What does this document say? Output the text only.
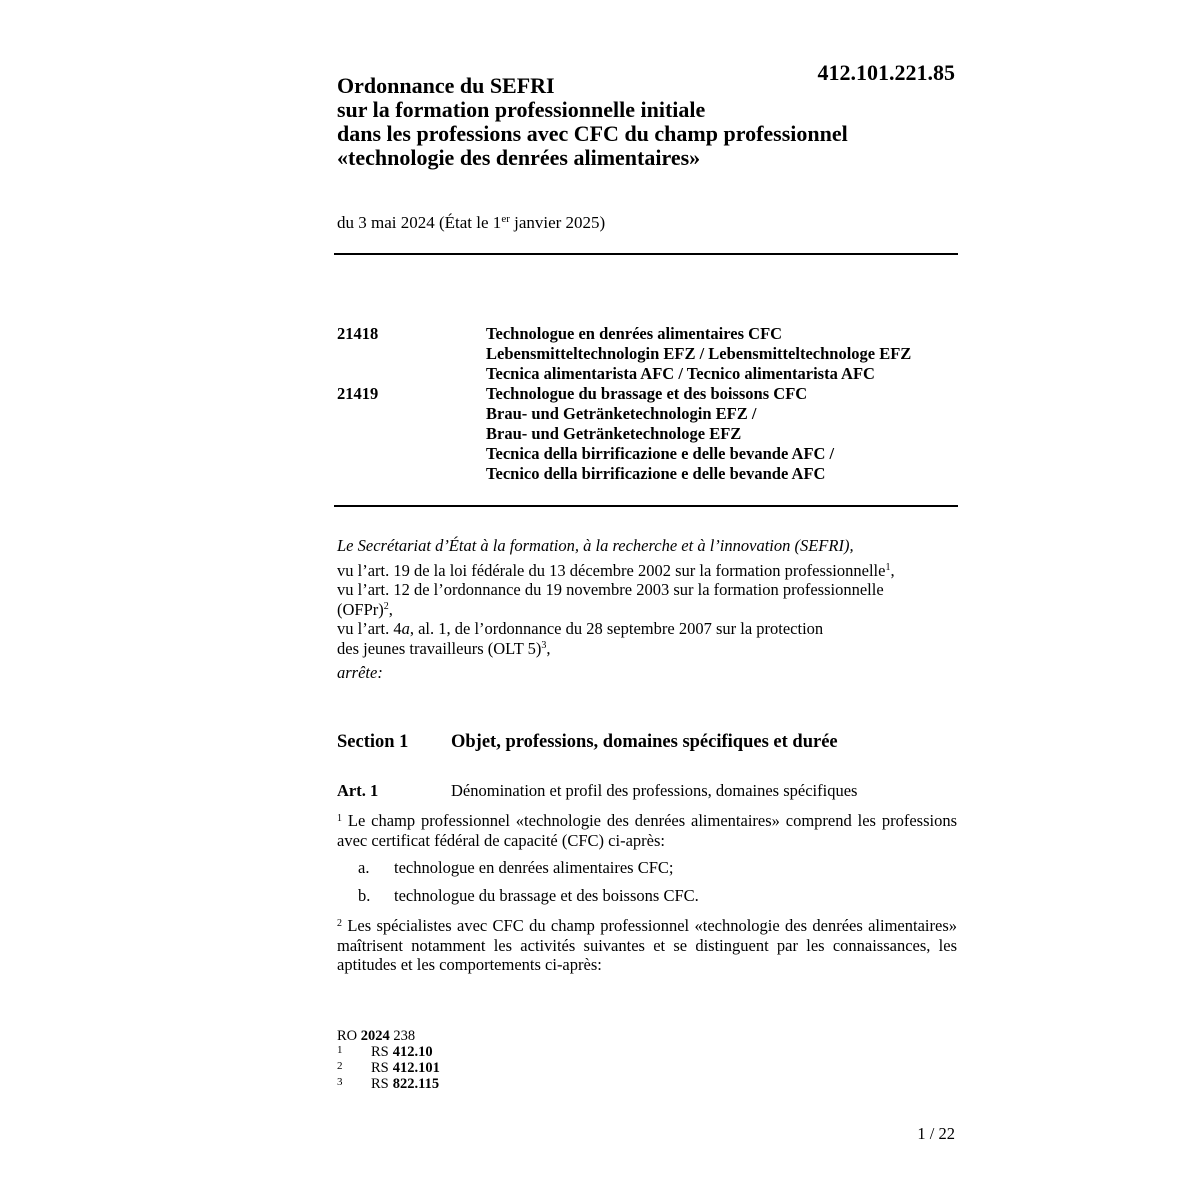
412.101.221.85
Ordonnance du SEFRI
sur la formation professionnelle initiale
dans les professions avec CFC du champ professionnel
«technologie des denrées alimentaires»
du 3 mai 2024 (État le 1er janvier 2025)
21418	Technologue en denrées alimentaires CFC
Lebensmitteltechnologin EFZ / Lebensmitteltechnologe EFZ
Tecnica alimentarista AFC / Tecnico alimentarista AFC
21419	Technologue du brassage et des boissons CFC
Brau- und Getränketechnologin EFZ /
Brau- und Getränketechnologe EFZ
Tecnica della birrificazione e delle bevande AFC /
Tecnico della birrificazione e delle bevande AFC
Le Secrétariat d’État à la formation, à la recherche et à l’innovation (SEFRI),
vu l’art. 19 de la loi fédérale du 13 décembre 2002 sur la formation professionnelle$^1$,
vu l’art. 12 de l’ordonnance du 19 novembre 2003 sur la formation professionnelle
(OFPr)$^2$,
vu l’art. 4a, al. 1, de l’ordonnance du 28 septembre 2007 sur la protection
des jeunes travailleurs (OLT 5)$^3$,
arrête:
Section 1 Objet, professions, domaines spécifiques et durée
Art. 1	Dénomination et profil des professions, domaines spécifiques
$^1$ Le champ professionnel «technologie des denrées alimentaires» comprend les professions avec certificat fédéral de capacité (CFC) ci-après:
a. technologue en denrées alimentaires CFC;
b. technologue du brassage et des boissons CFC.
$^2$ Les spécialistes avec CFC du champ professionnel «technologie des denrées alimentaires» maîtrisent notamment les activités suivantes et se distinguent par les connaissances, les aptitudes et les comportements ci-après:
RO 2024 238
1	RS 412.10
2	RS 412.101
3	RS 822.115
1 / 22
